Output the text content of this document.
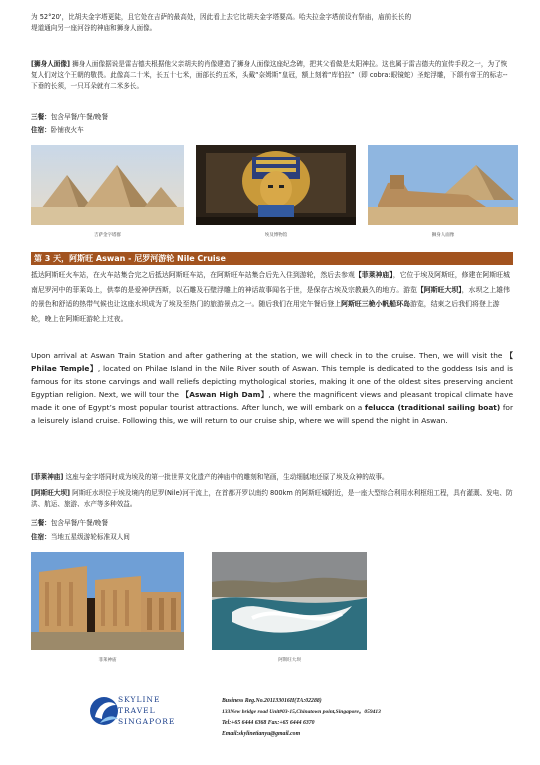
为 52°20'，比胡夫金字塔更陡，且它处在吉萨的最高处，因此看上去它比胡夫金字塔要高。哈夫拉金字塔前设有祭庙，庙前长长的
堤道通向另一座河谷的神庙和狮身人面像。
[狮身人面像] 狮身人面像据说是雷吉德夫根据他父亲胡夫的肖像建造了狮身人面像这座纪念碑，把其父看做是太阳神拉。这也属于雷吉德夫的宣传手段之一，为了恢复人们对这个王朝的敬畏。此像高二十米，长五十七米，面部长约五米，头戴“奈姆斯”皇冠，额上刻着“库伯拉”（即 cobra:眼镜蛇）圣蛇浮雕，下颌有帝王的标志--下垂的长须，一只耳朵就有二米多长。
三餐：包含早餐/午餐/晚餐
住宿：卧铺夜火车
吉萨金字塔群	埃及博物馆	狮身人面像
第 3 天，阿斯旺 Aswan - 尼罗河游轮 Nile Cruise
抵达阿斯旺火车站，在火车站集合完之后抵达阿斯旺车站，在阿斯旺车站集合后先入住到游轮，然后去参观【菲莱神庙】，它位于埃及阿斯旺，修建在阿斯旺城南尼罗河中的菲莱岛上，供奉的是爱神伊西斯，以石雕及石壁浮雕上的神话故事闻名于世，是保存古埃及宗教最久的地方。游览【阿斯旺大坝】，水坝之上雄伟的景色和舒适的热带气候也让这座水坝成为了埃及至热门的旅游景点之一。随后我们在用完午餐后登上阿斯旺三桅小帆船环岛游览，结束之后我们将登上游轮，晚上在阿斯旺游轮上过夜。
Upon arrival at Aswan Train Station and after gathering at the station, we will check in to the cruise. Then, we will visit the 【 Philae Temple】, located on Philae Island in the Nile River south of Aswan. This temple is dedicated to the goddess Isis and is famous for its stone carvings and wall reliefs depicting mythological stories, making it one of the oldest sites preserving ancient Egyptian religion. Next, we will tour the 【Aswan High Dam】, where the magnificent views and pleasant tropical climate have made it one of Egypt’s most popular tourist attractions. After lunch, we will embark on a felucca (traditional sailing boat) for a leisurely island cruise. Following this, we will return to our cruise ship, where we will spend the night in Aswan.
[菲莱神庙] 这座与金字塔同时成为埃及的第一批世界文化遗产的神庙中的雕刻和笔画，生动细腻地还原了埃及众神的故事。
[阿斯旺大坝] 阿斯旺水坝位于埃及境内的尼罗(Nile)河干流上，在首都开罗以南约 800km 的阿斯旺城附近，是一座大型综合利用水利枢纽工程，具有灌溉、发电、防洪、航运、旅游、水产等多种效益。
三餐：包含早餐/午餐/晚餐
住宿：当地五星级游轮标准双人间
菲莱神庙	阿斯旺大坝
SKYLINE
TRAVEL
SINGAPORE
Business Reg.No.201133016H(TA:02288)
133New bridge road Unit#03-15,Chinatown point,Singapore。059413
Tel:+65 6444 6368 Fax:+65 6444 6370
Email:skylinetianyu@gmail.com
